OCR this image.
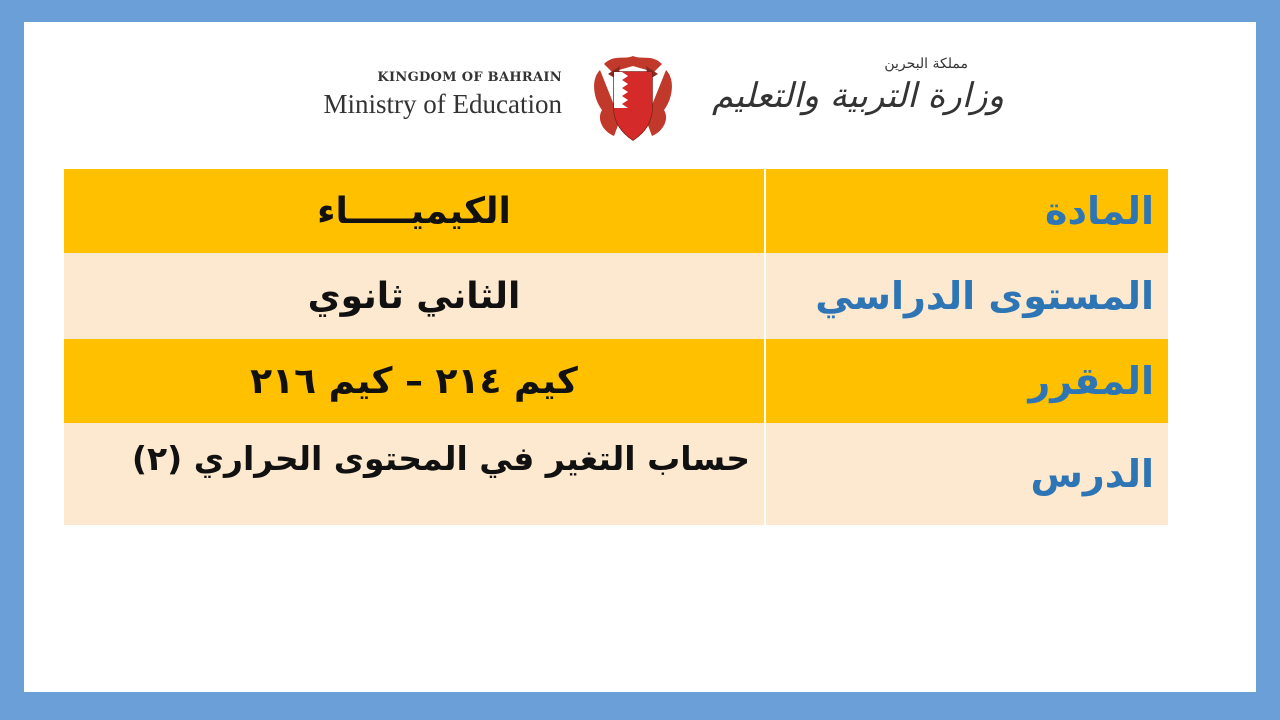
KINGDOM OF BAHRAIN
Ministry of Education
مملكة البحرين
وزارة التربية والتعليم
المادة	الكيميـــــاء
المستوى الدراسي	الثاني ثانوي
المقرر	كيم ٢١٤ – كيم ٢١٦
الدرس	حساب التغير في المحتوى الحراري (٢)
